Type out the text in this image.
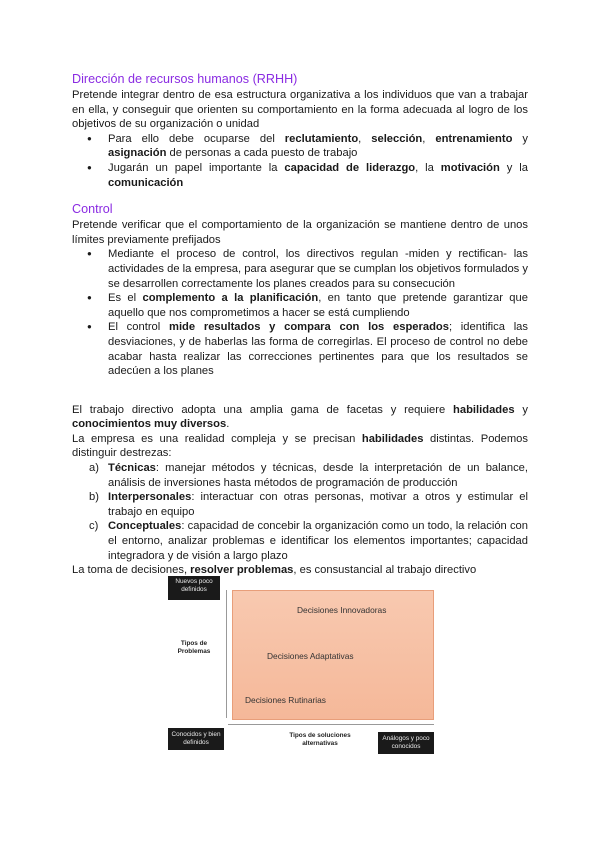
Dirección de recursos humanos (RRHH)

Pretende integrar dentro de esa estructura organizativa a los individuos que van a trabajar en ella, y conseguir que orienten su comportamiento en la forma adecuada al logro de los objetivos de su organización o unidad

● Para ello debe ocuparse del reclutamiento, selección, entrenamiento y asignación de personas a cada puesto de trabajo
● Jugarán un papel importante la capacidad de liderazgo, la motivación y la comunicación
Control

Pretende verificar que el comportamiento de la organización se mantiene dentro de unos límites previamente prefijados

● Mediante el proceso de control, los directivos regulan -miden y rectifican- las actividades de la empresa, para asegurar que se cumplan los objetivos formulados y se desarrollen correctamente los planes creados para su consecución
● Es el complemento a la planificación, en tanto que pretende garantizar que aquello que nos comprometimos a hacer se está cumpliendo
● El control mide resultados y compara con los esperados; identifica las desviaciones, y de haberlas las forma de corregirlas. El proceso de control no debe acabar hasta realizar las correcciones pertinentes para que los resultados se adecúen a los planes

El trabajo directivo adopta una amplia gama de facetas y requiere habilidades y conocimientos muy diversos.

La empresa es una realidad compleja y se precisan habilidades distintas. Podemos distinguir destrezas:

a) Técnicas: manejar métodos y técnicas, desde la interpretación de un balance, análisis de inversiones hasta métodos de programación de producción
b) Interpersonales: interactuar con otras personas, motivar a otros y estimular el trabajo en equipo
c) Conceptuales: capacidad de concebir la organización como un todo, la relación con el entorno, analizar problemas e identificar los elementos importantes; capacidad integradora y de visión a largo plazo

La toma de decisiones, resolver problemas, es consustancial al trabajo directivo

Nuevos poco definidos
Tipos de Problemas
Decisiones Innovadoras
Decisiones Adaptativas
Decisiones Rutinarias
Conocidos y bien definidos
Tipos de soluciones alternativas
Análogos y poco conocidos
